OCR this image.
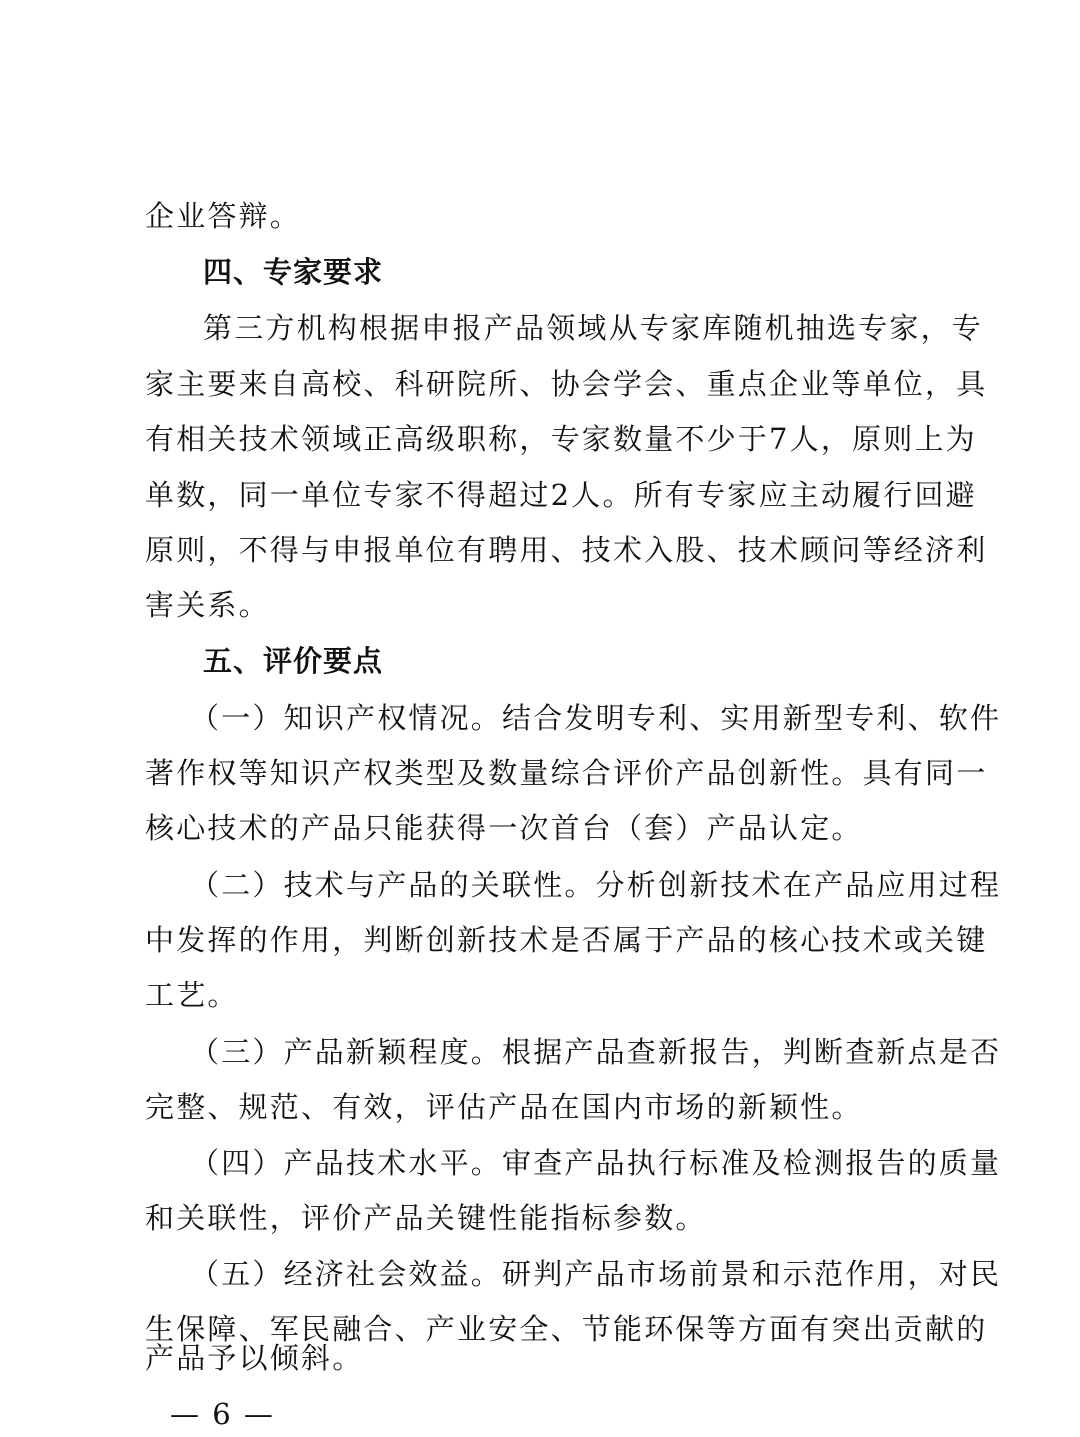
企业答辩。
四、专家要求
第三方机构根据申报产品领域从专家库随机抽选专家，专
家主要来自高校、科研院所、协会学会、重点企业等单位，具
有相关技术领域正高级职称，专家数量不少于7人，原则上为
单数，同一单位专家不得超过2人。所有专家应主动履行回避
原则，不得与申报单位有聘用、技术入股、技术顾问等经济利
害关系。
五、评价要点
（一）知识产权情况。结合发明专利、实用新型专利、软件
著作权等知识产权类型及数量综合评价产品创新性。具有同一
核心技术的产品只能获得一次首台（套）产品认定。
（二）技术与产品的关联性。分析创新技术在产品应用过程
中发挥的作用，判断创新技术是否属于产品的核心技术或关键
工艺。
（三）产品新颖程度。根据产品查新报告，判断查新点是否
完整、规范、有效，评估产品在国内市场的新颖性。
（四）产品技术水平。审查产品执行标准及检测报告的质量
和关联性，评价产品关键性能指标参数。
（五）经济社会效益。研判产品市场前景和示范作用，对民
生保障、军民融合、产业安全、节能环保等方面有突出贡献的
产品予以倾斜。
— 6 —
